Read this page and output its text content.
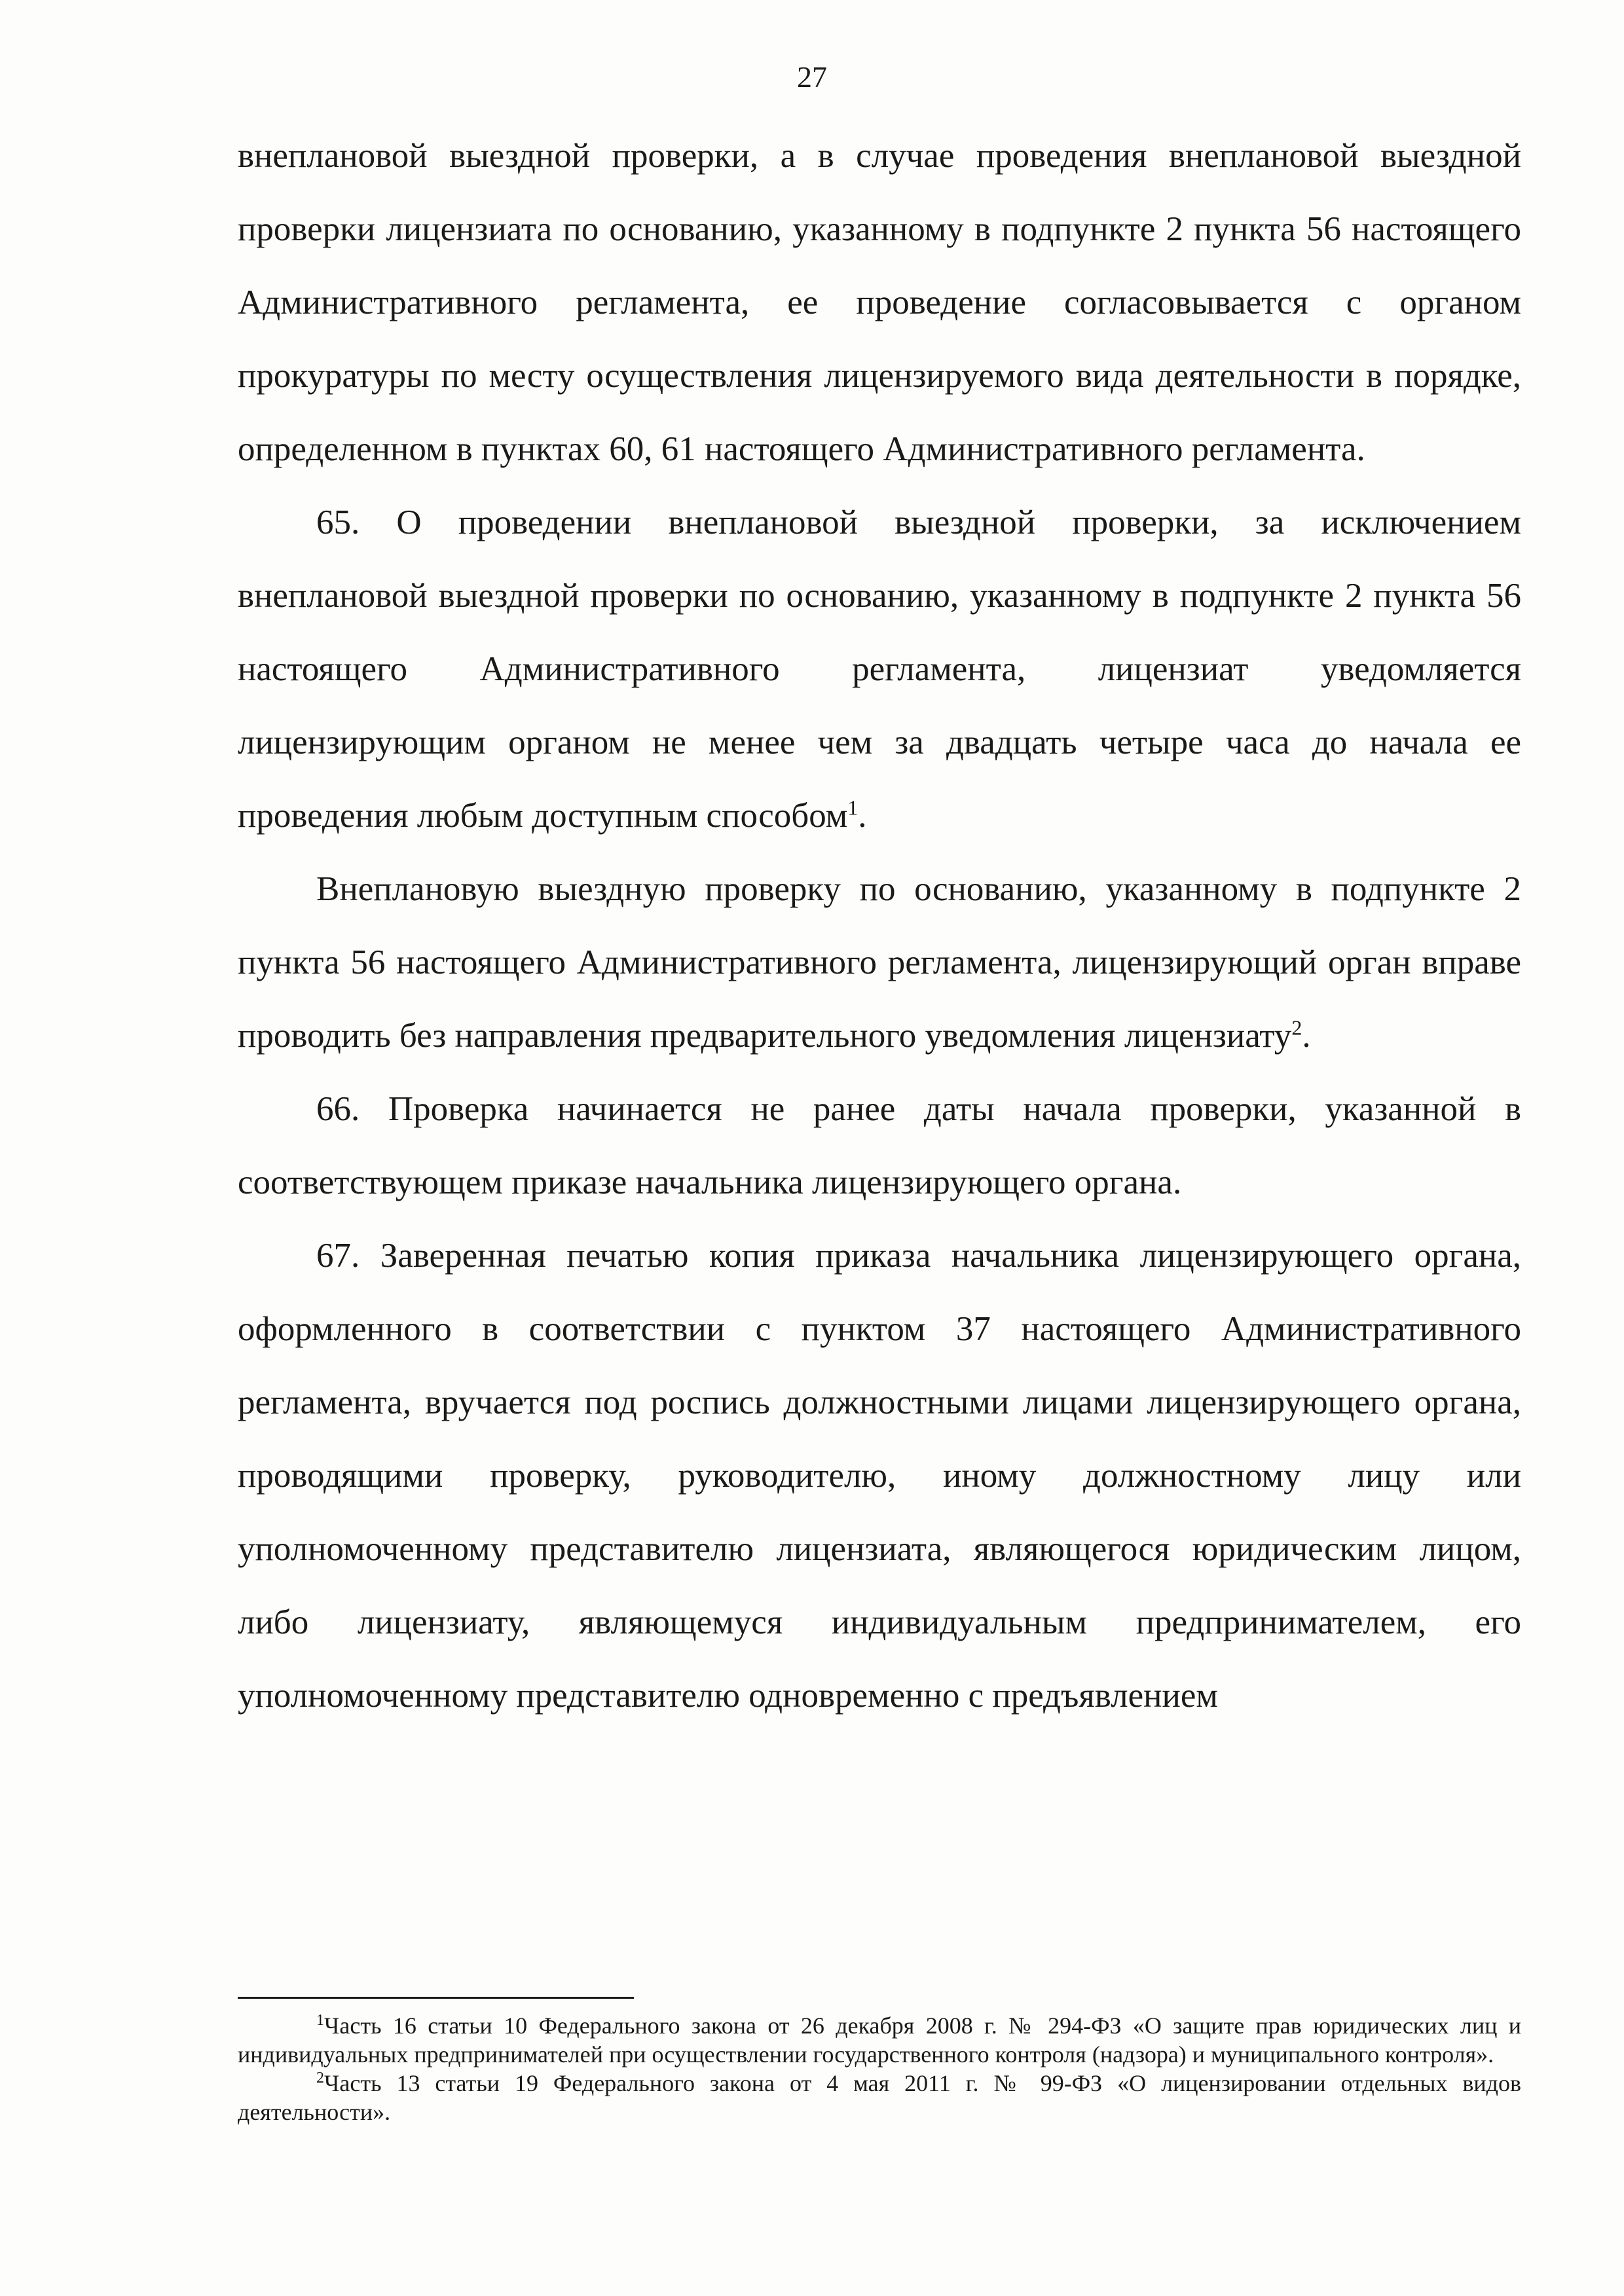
27

внеплановой выездной проверки, а в случае проведения внеплановой выездной проверки лицензиата по основанию, указанному в подпункте 2 пункта 56 настоящего Административного регламента, ее проведение согласовывается с органом прокуратуры по месту осуществления лицензируемого вида деятельности в порядке, определенном в пунктах 60, 61 настоящего Административного регламента.

65. О проведении внеплановой выездной проверки, за исключением внеплановой выездной проверки по основанию, указанному в подпункте 2 пункта 56 настоящего Административного регламента, лицензиат уведомляется лицензирующим органом не менее чем за двадцать четыре часа до начала ее проведения любым доступным способом$^1$.

Внеплановую выездную проверку по основанию, указанному в подпункте 2 пункта 56 настоящего Административного регламента, лицензирующий орган вправе проводить без направления предварительного уведомления лицензиату$^2$.

66. Проверка начинается не ранее даты начала проверки, указанной в соответствующем приказе начальника лицензирующего органа.

67. Заверенная печатью копия приказа начальника лицензирующего органа, оформленного в соответствии с пунктом 37 настоящего Административного регламента, вручается под роспись должностными лицами лицензирующего органа, проводящими проверку, руководителю, иному должностному лицу или уполномоченному представителю лицензиата, являющегося юридическим лицом, либо лицензиату, являющемуся индивидуальным предпринимателем, его уполномоченному представителю одновременно с предъявлением

$^1$Часть 16 статьи 10 Федерального закона от 26 декабря 2008 г. № 294-ФЗ «О защите прав юридических лиц и индивидуальных предпринимателей при осуществлении государственного контроля (надзора) и муниципального контроля».

$^2$Часть 13 статьи 19 Федерального закона от 4 мая 2011 г. № 99-ФЗ «О лицензировании отдельных видов деятельности».
